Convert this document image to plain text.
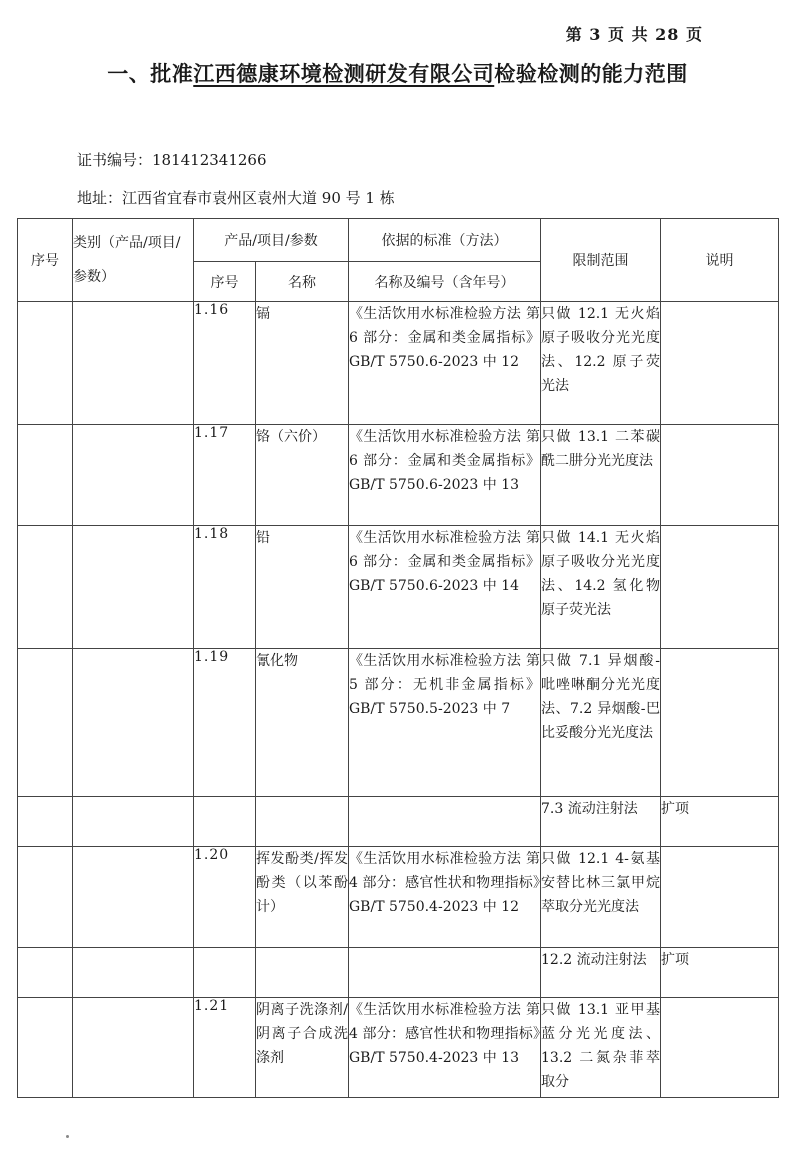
第 3 页 共 28 页
一、批准江西德康环境检测研发有限公司检验检测的能力范围
证书编号：181412341266
地址：江西省宜春市袁州区袁州大道 90 号 1 栋
序号	类别（产品/项目/参数）	产品/项目/参数		依据的标准（方法）	限制范围	说明
		序号	名称	名称及编号（含年号）		
		1.16	镉	《生活饮用水标准检验方法 第 6 部分：金属和类金属指标》GB/T 5750.6-2023 中 12	只做 12.1 无火焰原子吸收分光光度法、12.2 原子荧光法	
		1.17	铬（六价）	《生活饮用水标准检验方法 第 6 部分：金属和类金属指标》GB/T 5750.6-2023 中 13	只做 13.1 二苯碳酰二肼分光光度法	
		1.18	铅	《生活饮用水标准检验方法 第 6 部分：金属和类金属指标》GB/T 5750.6-2023 中 14	只做 14.1 无火焰原子吸收分光光度法、14.2 氢化物原子荧光法	
		1.19	氰化物	《生活饮用水标准检验方法 第 5 部分：无机非金属指标》GB/T 5750.5-2023 中 7	只做 7.1 异烟酸-吡唑啉酮分光光度法、7.2 异烟酸-巴比妥酸分光光度法	
					7.3 流动注射法	扩项
		1.20	挥发酚类/挥发酚类（以苯酚计）	《生活饮用水标准检验方法 第 4 部分：感官性状和物理指标》GB/T 5750.4-2023 中 12	只做 12.1 4-氨基安替比林三氯甲烷萃取分光光度法	
					12.2 流动注射法	扩项
		1.21	阴离子洗涤剂/阴离子合成洗涤剂	《生活饮用水标准检验方法 第 4 部分：感官性状和物理指标》GB/T 5750.4-2023 中 13	只做 13.1 亚甲基蓝分光光度法、13.2 二氮杂菲萃取分	
